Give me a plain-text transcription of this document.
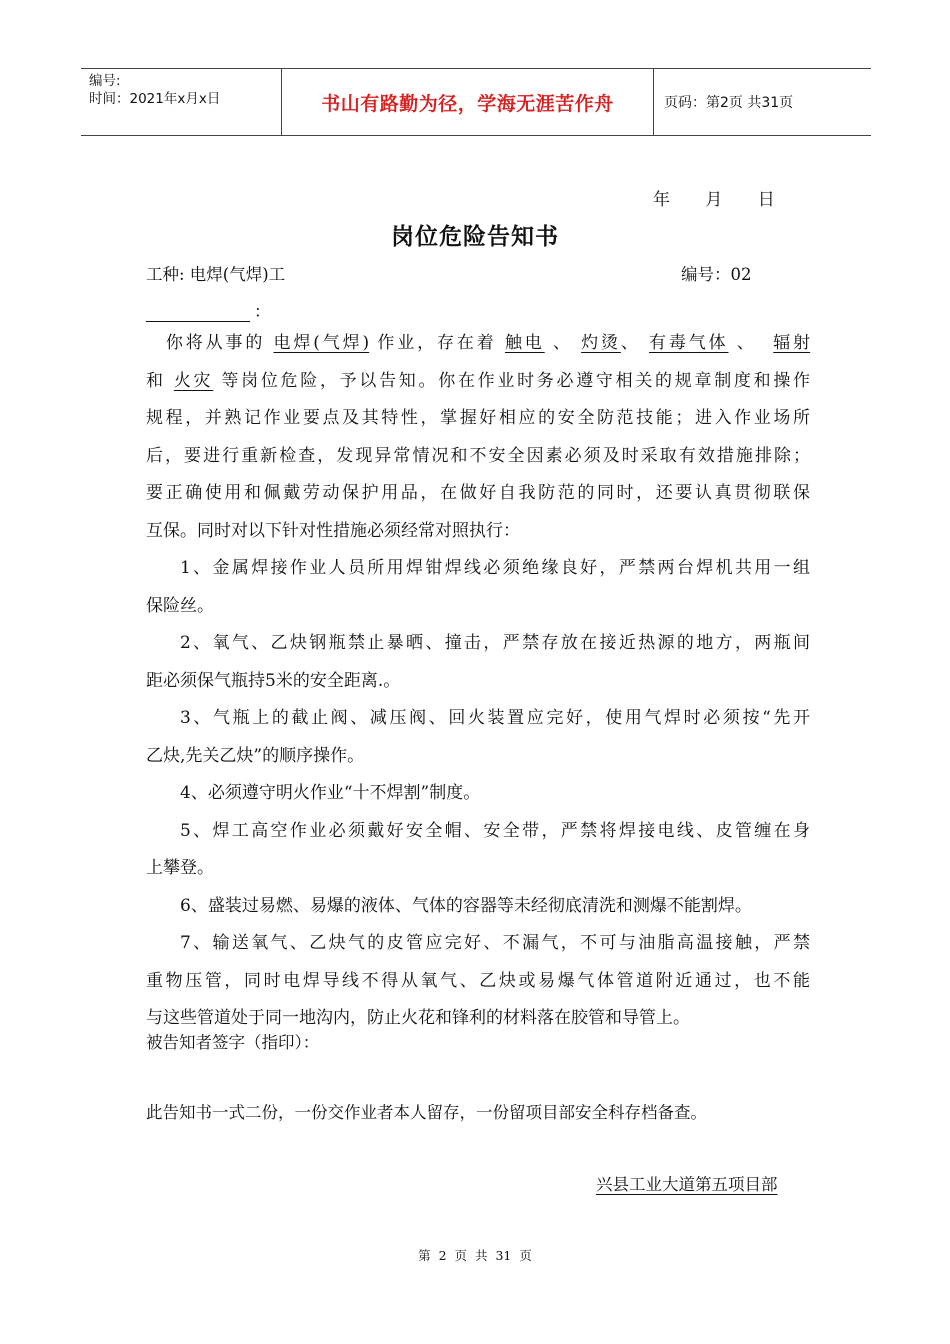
编号:
时间：2021年x月x日	书山有路勤为径，学海无涯苦作舟	页码：第2页 共31页
年 月 日
岗位危险告知书
工种: 电焊(气焊)工	编号：02
：
　你将从事的 电焊(气焊) 作业，存在着 触电 、 灼烫、 有毒气体 、 辐射
和 火灾 等岗位危险，予以告知。你在作业时务必遵守相关的规章制度和操作
规程，并熟记作业要点及其特性，掌握好相应的安全防范技能；进入作业场所
后，要进行重新检查，发现异常情况和不安全因素必须及时采取有效措施排除；
要正确使用和佩戴劳动保护用品，在做好自我防范的同时，还要认真贯彻联保
互保。同时对以下针对性措施必须经常对照执行：
1、金属焊接作业人员所用焊钳焊线必须绝缘良好，严禁两台焊机共用一组
保险丝。
2、氧气、乙炔钢瓶禁止暴晒、撞击，严禁存放在接近热源的地方，两瓶间
距必须保气瓶持5米的安全距离.。
3、气瓶上的截止阀、减压阀、回火装置应完好，使用气焊时必须按“先开
乙炔,先关乙炔”的顺序操作。
4、必须遵守明火作业“十不焊割”制度。
5、焊工高空作业必须戴好安全帽、安全带，严禁将焊接电线、皮管缠在身
上攀登。
6、盛装过易燃、易爆的液体、气体的容器等未经彻底清洗和测爆不能割焊。
7、输送氧气、乙炔气的皮管应完好、不漏气，不可与油脂高温接触，严禁
重物压管，同时电焊导线不得从氧气、乙炔或易爆气体管道附近通过，也不能
与这些管道处于同一地沟内，防止火花和锋利的材料落在胶管和导管上。
被告知者签字（指印）：
此告知书一式二份，一份交作业者本人留存，一份留项目部安全科存档备查。
兴县工业大道第五项目部
第 2 页 共 31 页
